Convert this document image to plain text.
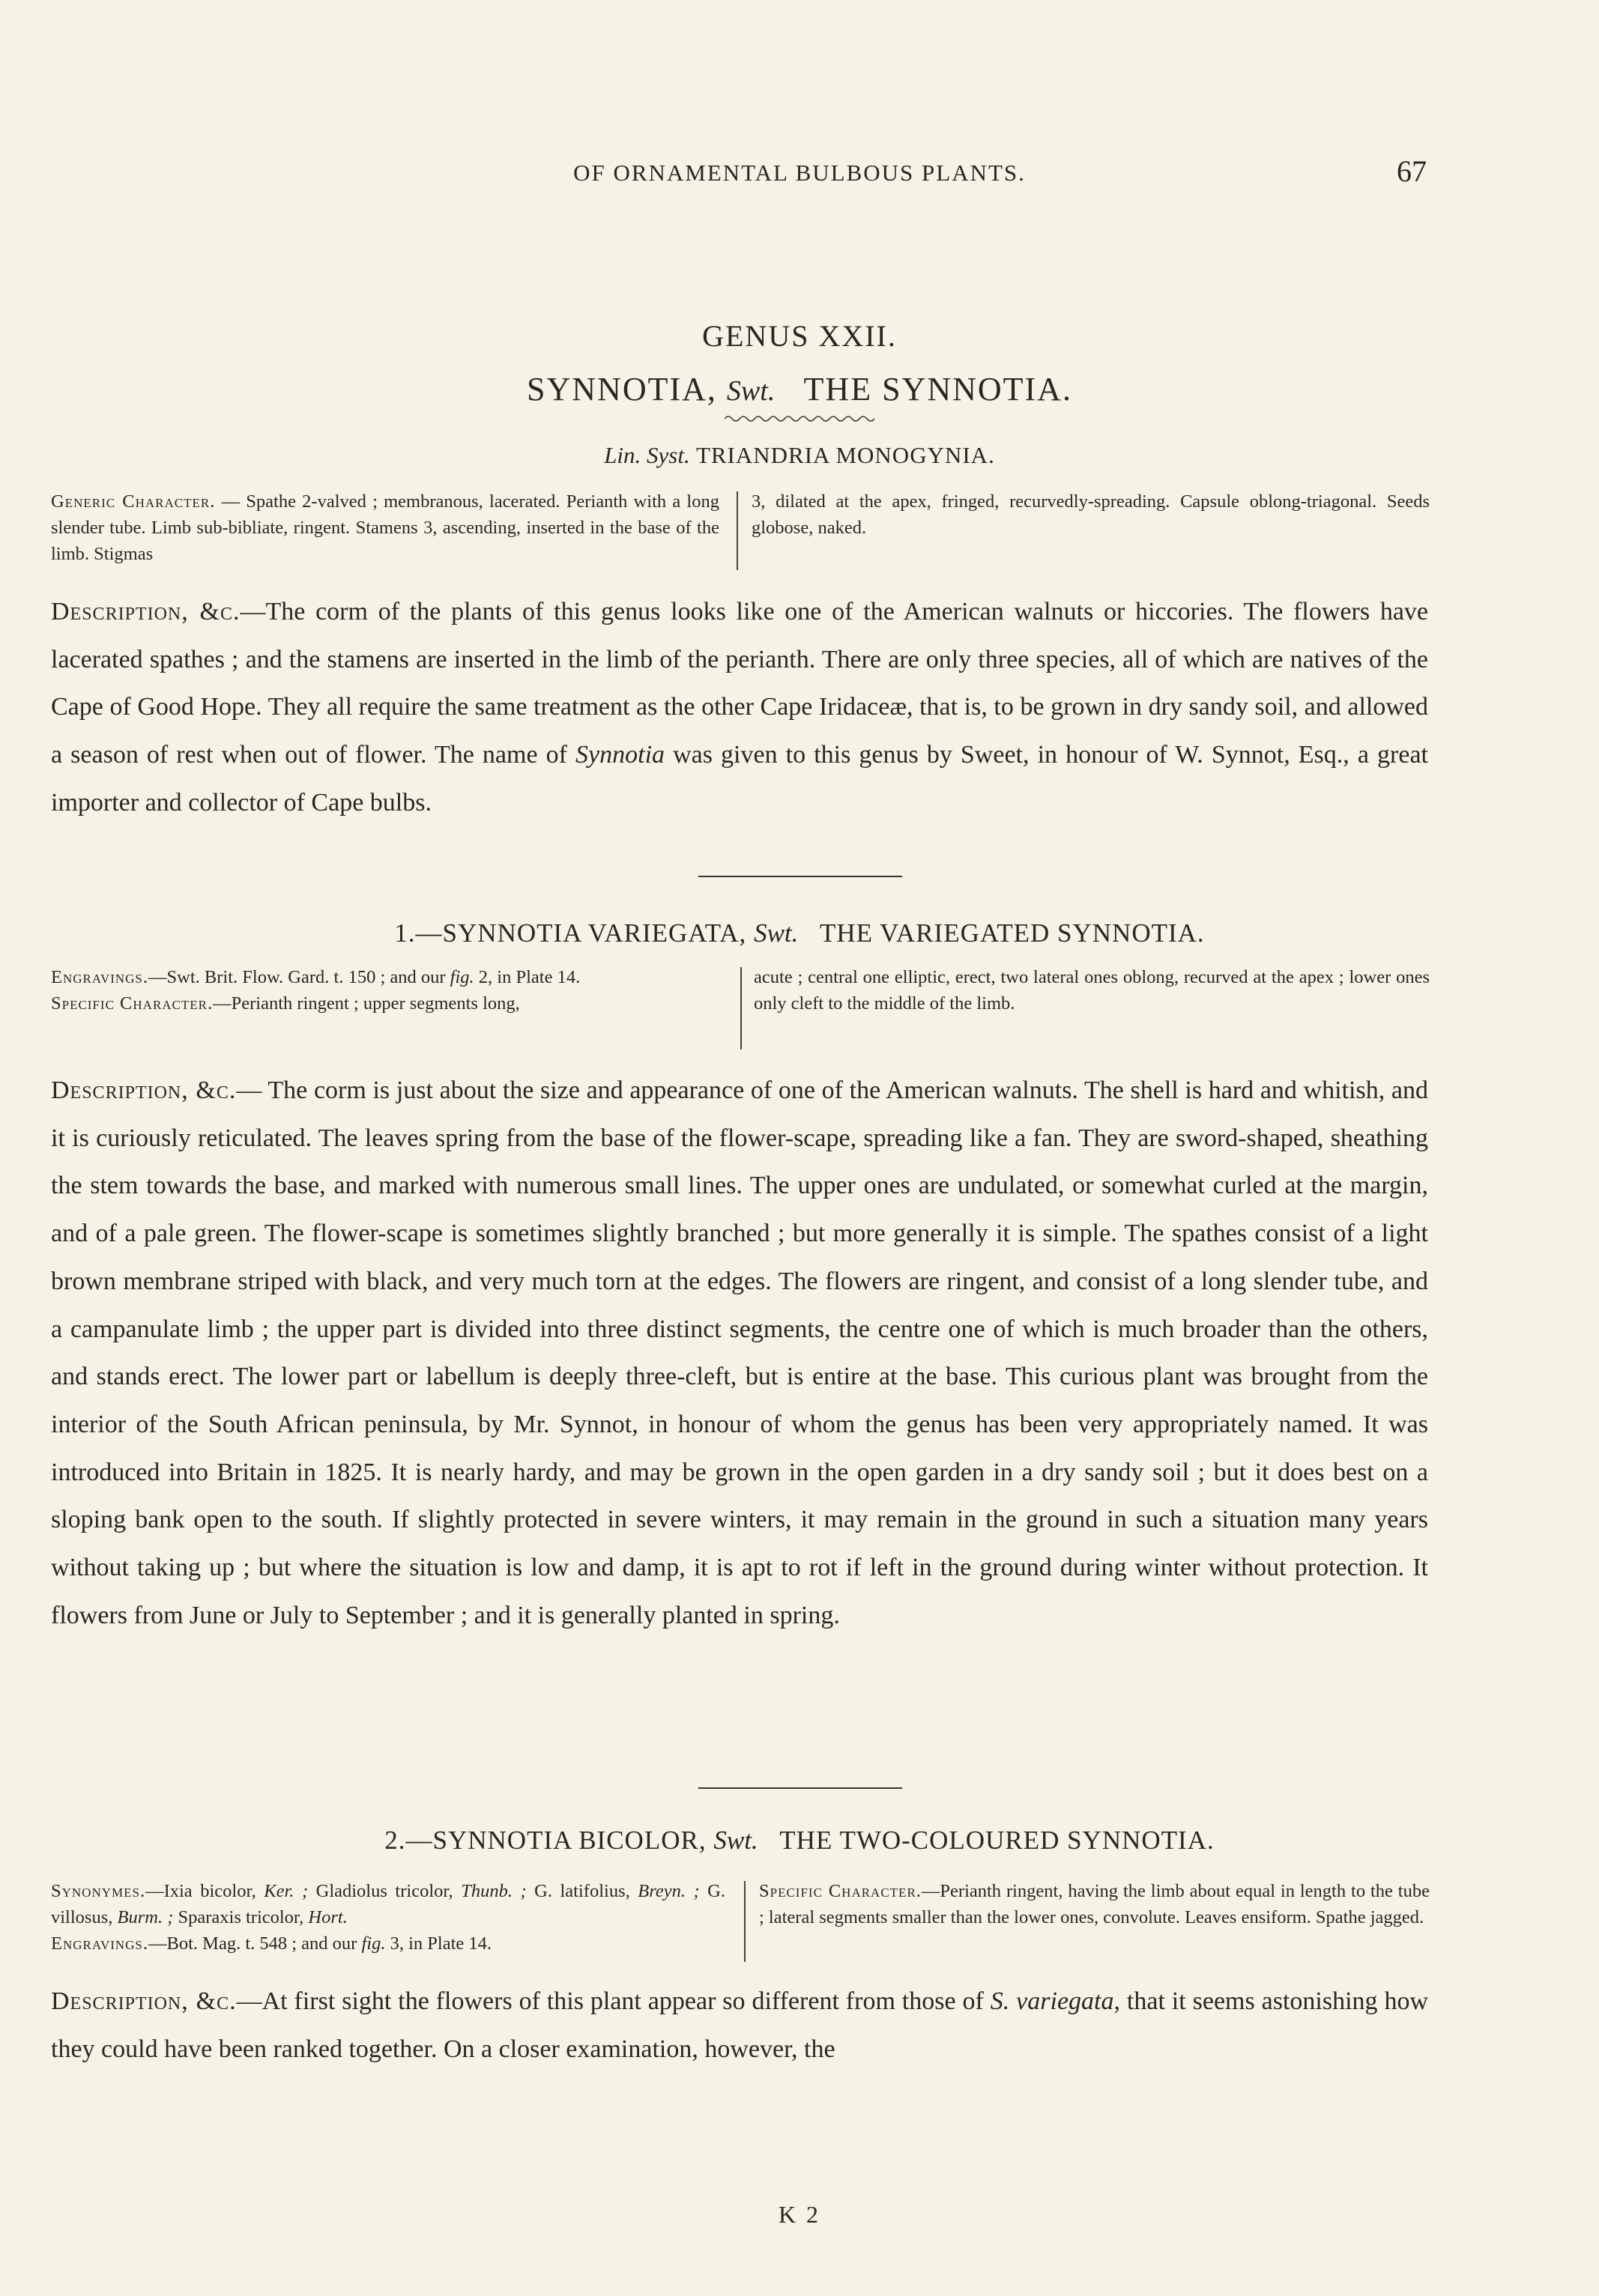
OF ORNAMENTAL BULBOUS PLANTS.	67
GENUS XXII.
SYNNOTIA, Swt. THE SYNNOTIA.
Lin. Syst. TRIANDRIA MONOGYNIA.
Generic Character. — Spathe 2-valved ; membranous, lacerated. Perianth with a long slender tube. Limb sub-bibliate, ringent. Stamens 3, ascending, inserted in the base of the limb. Stigmas
3, dilated at the apex, fringed, recurvedly-spreading. Capsule oblong-triagonal. Seeds globose, naked.
Description, &c.—The corm of the plants of this genus looks like one of the American walnuts or hiccories. The flowers have lacerated spathes ; and the stamens are inserted in the limb of the perianth. There are only three species, all of which are natives of the Cape of Good Hope. They all require the same treatment as the other Cape Iridaceæ, that is, to be grown in dry sandy soil, and allowed a season of rest when out of flower. The name of Synnotia was given to this genus by Sweet, in honour of W. Synnot, Esq., a great importer and collector of Cape bulbs.
1.—SYNNOTIA VARIEGATA, Swt. THE VARIEGATED SYNNOTIA.
Engravings.—Swt. Brit. Flow. Gard. t. 150 ; and our fig. 2, in Plate 14.
Specific Character.—Perianth ringent ; upper segments long,
acute ; central one elliptic, erect, two lateral ones oblong, recurved at the apex ; lower ones only cleft to the middle of the limb.
Description, &c.— The corm is just about the size and appearance of one of the American walnuts. The shell is hard and whitish, and it is curiously reticulated. The leaves spring from the base of the flower-scape, spreading like a fan. They are sword-shaped, sheathing the stem towards the base, and marked with numerous small lines. The upper ones are undulated, or somewhat curled at the margin, and of a pale green. The flower-scape is sometimes slightly branched ; but more generally it is simple. The spathes consist of a light brown membrane striped with black, and very much torn at the edges. The flowers are ringent, and consist of a long slender tube, and a campanulate limb ; the upper part is divided into three distinct segments, the centre one of which is much broader than the others, and stands erect. The lower part or labellum is deeply three-cleft, but is entire at the base. This curious plant was brought from the interior of the South African peninsula, by Mr. Synnot, in honour of whom the genus has been very appropriately named. It was introduced into Britain in 1825. It is nearly hardy, and may be grown in the open garden in a dry sandy soil ; but it does best on a sloping bank open to the south. If slightly protected in severe winters, it may remain in the ground in such a situation many years without taking up ; but where the situation is low and damp, it is apt to rot if left in the ground during winter without protection. It flowers from June or July to September ; and it is generally planted in spring.
2.—SYNNOTIA BICOLOR, Swt. THE TWO-COLOURED SYNNOTIA.
Synonymes.—Ixia bicolor, Ker. ; Gladiolus tricolor, Thunb. ; G. latifolius, Breyn. ; G. villosus, Burm. ; Sparaxis tricolor, Hort.
Engravings.—Bot. Mag. t. 548 ; and our fig. 3, in Plate 14.
Specific Character.—Perianth ringent, having the limb about equal in length to the tube ; lateral segments smaller than the lower ones, convolute. Leaves ensiform. Spathe jagged.
Description, &c.—At first sight the flowers of this plant appear so different from those of S. variegata, that it seems astonishing how they could have been ranked together. On a closer examination, however, the
K 2
